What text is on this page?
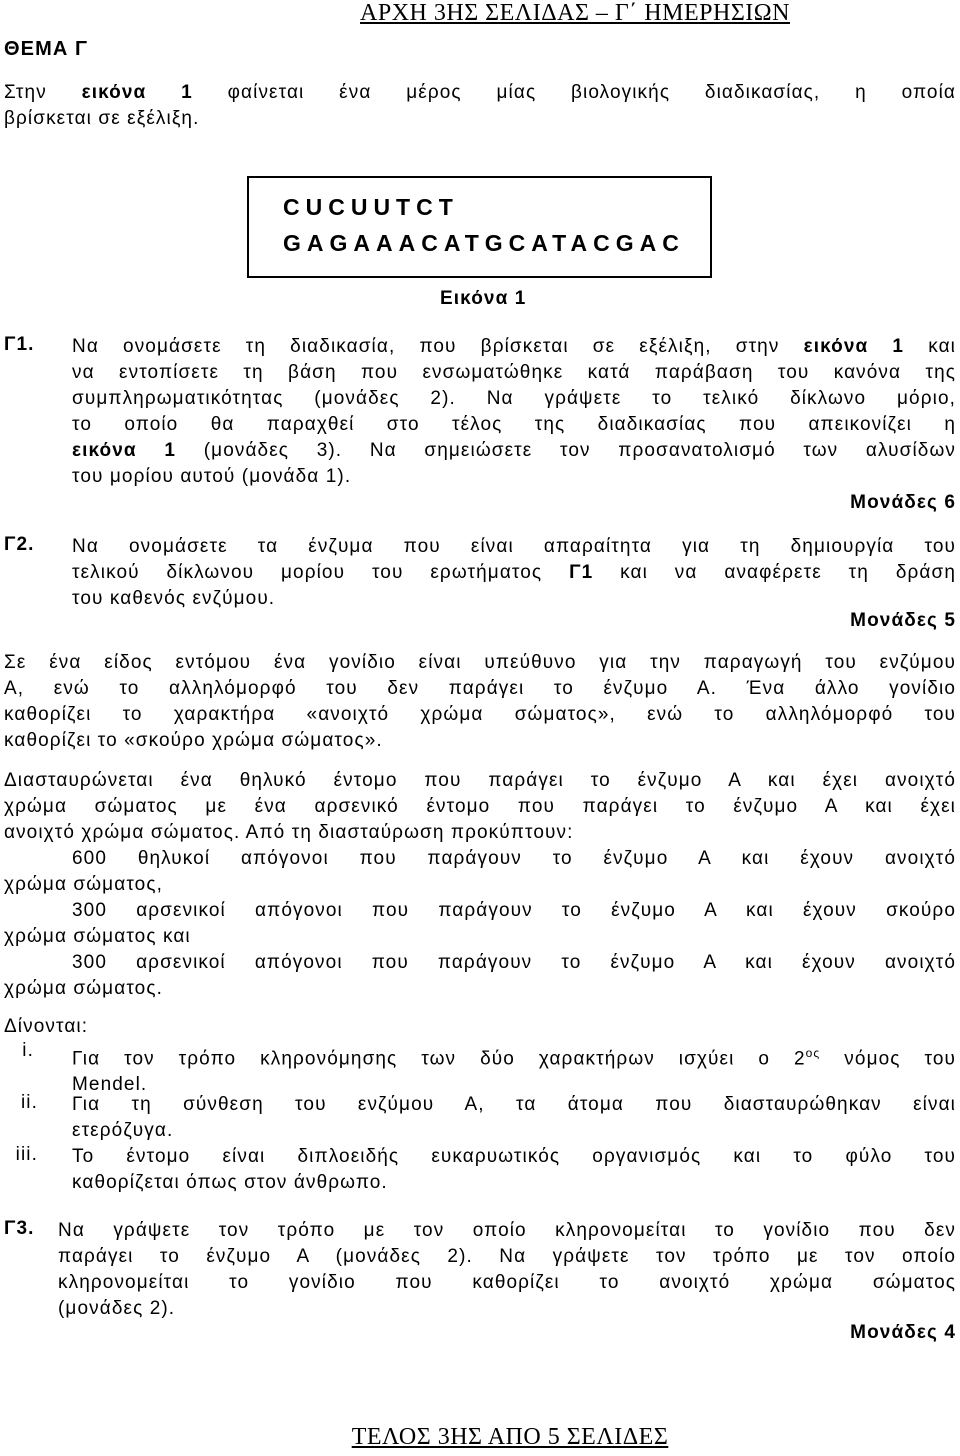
ΑΡΧΗ 3ΗΣ ΣΕΛΙΔΑΣ – Γ΄ ΗΜΕΡΗΣΙΩΝ
ΘΕΜΑ Γ
Στην εικόνα 1 φαίνεται ένα μέρος μίας βιολογικής διαδικασίας, η οποία
βρίσκεται σε εξέλιξη.
CUCUUTCT
GAGAAACATGCATACGAC
Εικόνα 1
Γ1. Να ονομάσετε τη διαδικασία, που βρίσκεται σε εξέλιξη, στην εικόνα 1 και
να εντοπίσετε τη βάση που ενσωματώθηκε κατά παράβαση του κανόνα της
συμπληρωματικότητας (μονάδες 2). Να γράψετε το τελικό δίκλωνο μόριο,
το οποίο θα παραχθεί στο τέλος της διαδικασίας που απεικονίζει η
εικόνα 1 (μονάδες 3). Να σημειώσετε τον προσανατολισμό των αλυσίδων
του μορίου αυτού (μονάδα 1).
Μονάδες 6
Γ2. Να ονομάσετε τα ένζυμα που είναι απαραίτητα για τη δημιουργία του
τελικού δίκλωνου μορίου του ερωτήματος Γ1 και να αναφέρετε τη δράση
του καθενός ενζύμου.
Μονάδες 5
Σε ένα είδος εντόμου ένα γονίδιο είναι υπεύθυνο για την παραγωγή του ενζύμου
Α, ενώ το αλληλόμορφό του δεν παράγει το ένζυμο Α. Ένα άλλο γονίδιο
καθορίζει το χαρακτήρα «ανοιχτό χρώμα σώματος», ενώ το αλληλόμορφό του
καθορίζει το «σκούρο χρώμα σώματος».
Διασταυρώνεται ένα θηλυκό έντομο που παράγει το ένζυμο Α και έχει ανοιχτό
χρώμα σώματος με ένα αρσενικό έντομο που παράγει το ένζυμο Α και έχει
ανοιχτό χρώμα σώματος. Από τη διασταύρωση προκύπτουν:
600 θηλυκοί απόγονοι που παράγουν το ένζυμο Α και έχουν ανοιχτό
χρώμα σώματος,
300 αρσενικοί απόγονοι που παράγουν το ένζυμο Α και έχουν σκούρο
χρώμα σώματος και
300 αρσενικοί απόγονοι που παράγουν το ένζυμο Α και έχουν ανοιχτό
χρώμα σώματος.
Δίνονται:
i. Για τον τρόπο κληρονόμησης των δύο χαρακτήρων ισχύει ο $2^{o\varsigma}$ νόμος του
Mendel.
ii. Για τη σύνθεση του ενζύμου Α, τα άτομα που διασταυρώθηκαν είναι
ετερόζυγα.
iii. Το έντομο είναι διπλοειδής ευκαρυωτικός οργανισμός και το φύλο του
καθορίζεται όπως στον άνθρωπο.
Γ3. Να γράψετε τον τρόπο με τον οποίο κληρονομείται το γονίδιο που δεν
παράγει το ένζυμο Α (μονάδες 2). Να γράψετε τον τρόπο με τον οποίο
κληρονομείται το γονίδιο που καθορίζει το ανοιχτό χρώμα σώματος
(μονάδες 2).
Μονάδες 4
ΤΕΛΟΣ 3ΗΣ ΑΠΟ 5 ΣΕΛΙΔΕΣ
